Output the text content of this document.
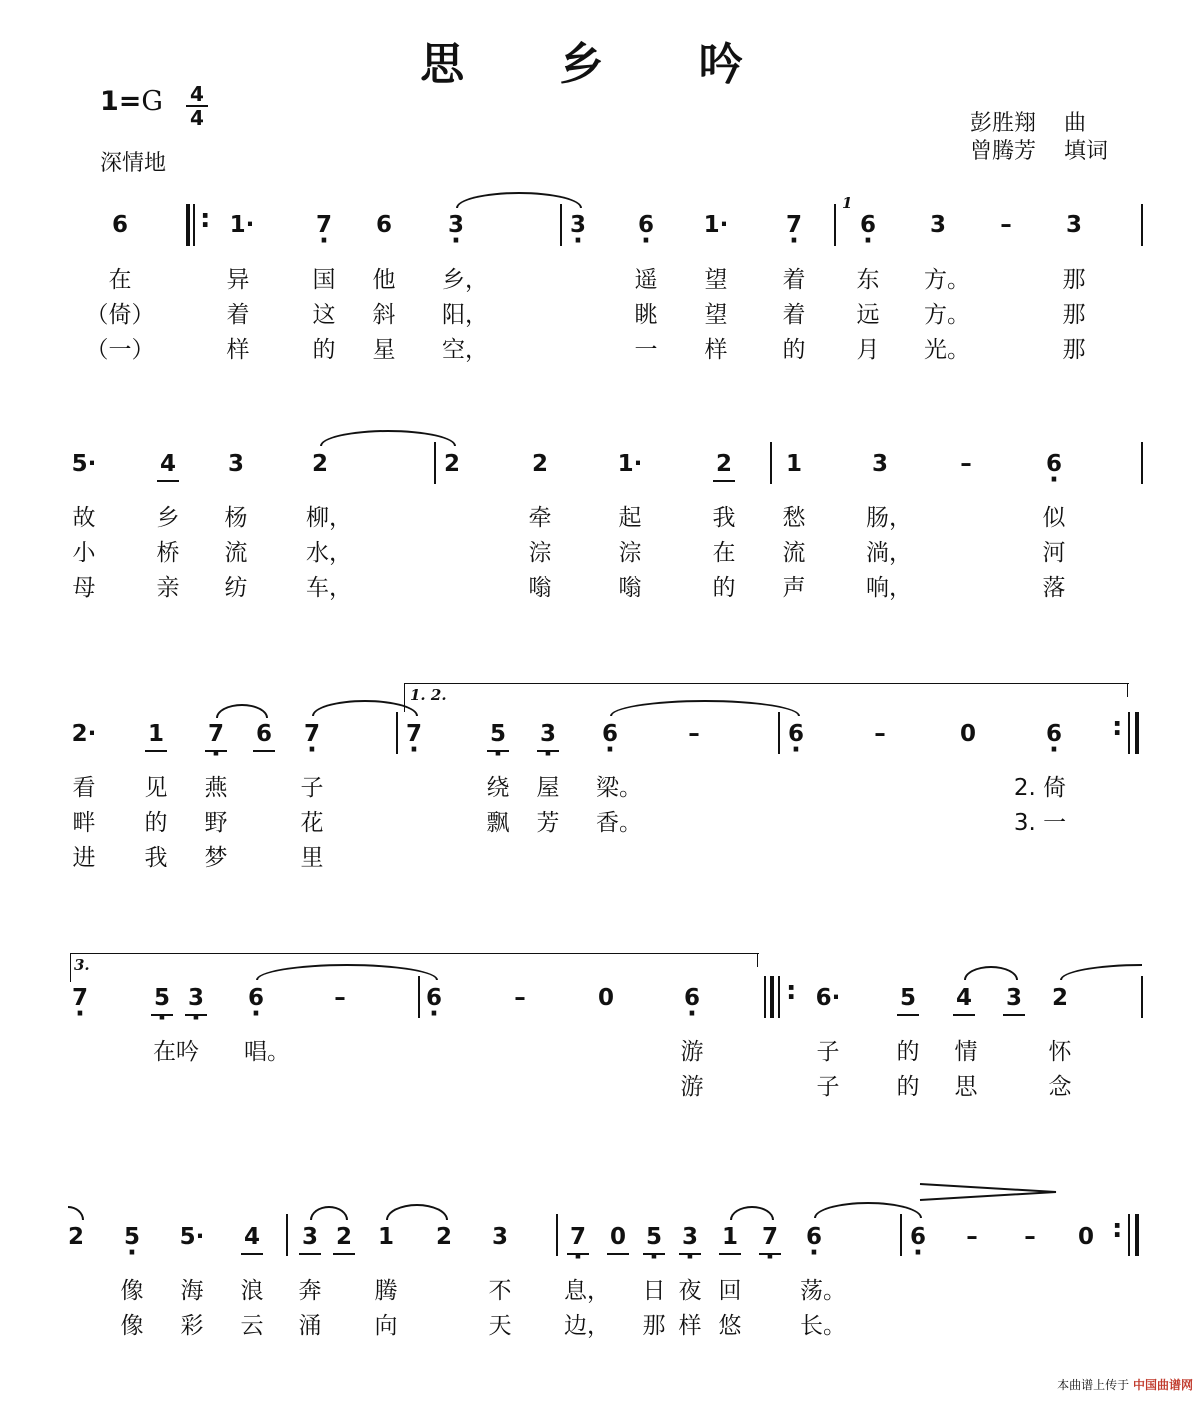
思 乡 吟
1=G 4
4
深情地
彭胜翔 曲
曾腾芳 填词
6	: 1·	· 7	6	· 3	· 3	· 6	1·	· 7
1
· 6	3	–	3
在	异	国	他	乡，	遥	望	着	东	方。	那
（倚）	着	这	斜	阳，	眺	望	着	远	方。	那
（一）	样	的	星	空，	一	样	的	月	光。	那
5·	4	3	2	2	2	1·	2	1	3	–	· 6
故	乡	杨	柳，	牵	起	我	愁	肠，	似
小	桥	流	水，	淙	淙	在	流	淌，	河
母	亲	纺	车，	嗡	嗡	的	声	响，	落
1. 2.
2·	1	· 7	6	· 7	· 7	· 5	· 3	· 6	–	· 6	–	0	· 6 :
看	见	燕	子	绕	屋	梁。	2. 倚
畔	的	野	花	飘	芳	香。	3. 一
进	我	梦	里
3.
· 7	· 5 · 3	· 6	–	· 6	–	0	· 6	: 6·	5	4	3	2
在吟	唱。	游	子	的	情	怀
游	子	的	思	念
2	· 5	5·	4	3 2	1	2	3	· 7	0 · 5 · 3	1	· 7	· 6	· 6	–	–	0 :
像	海	浪	奔	腾	不	息，	日 夜 回	荡。
像	彩	云	涌	向	天	边，	那 样 悠	长。
本曲谱上传于 中国曲谱网
